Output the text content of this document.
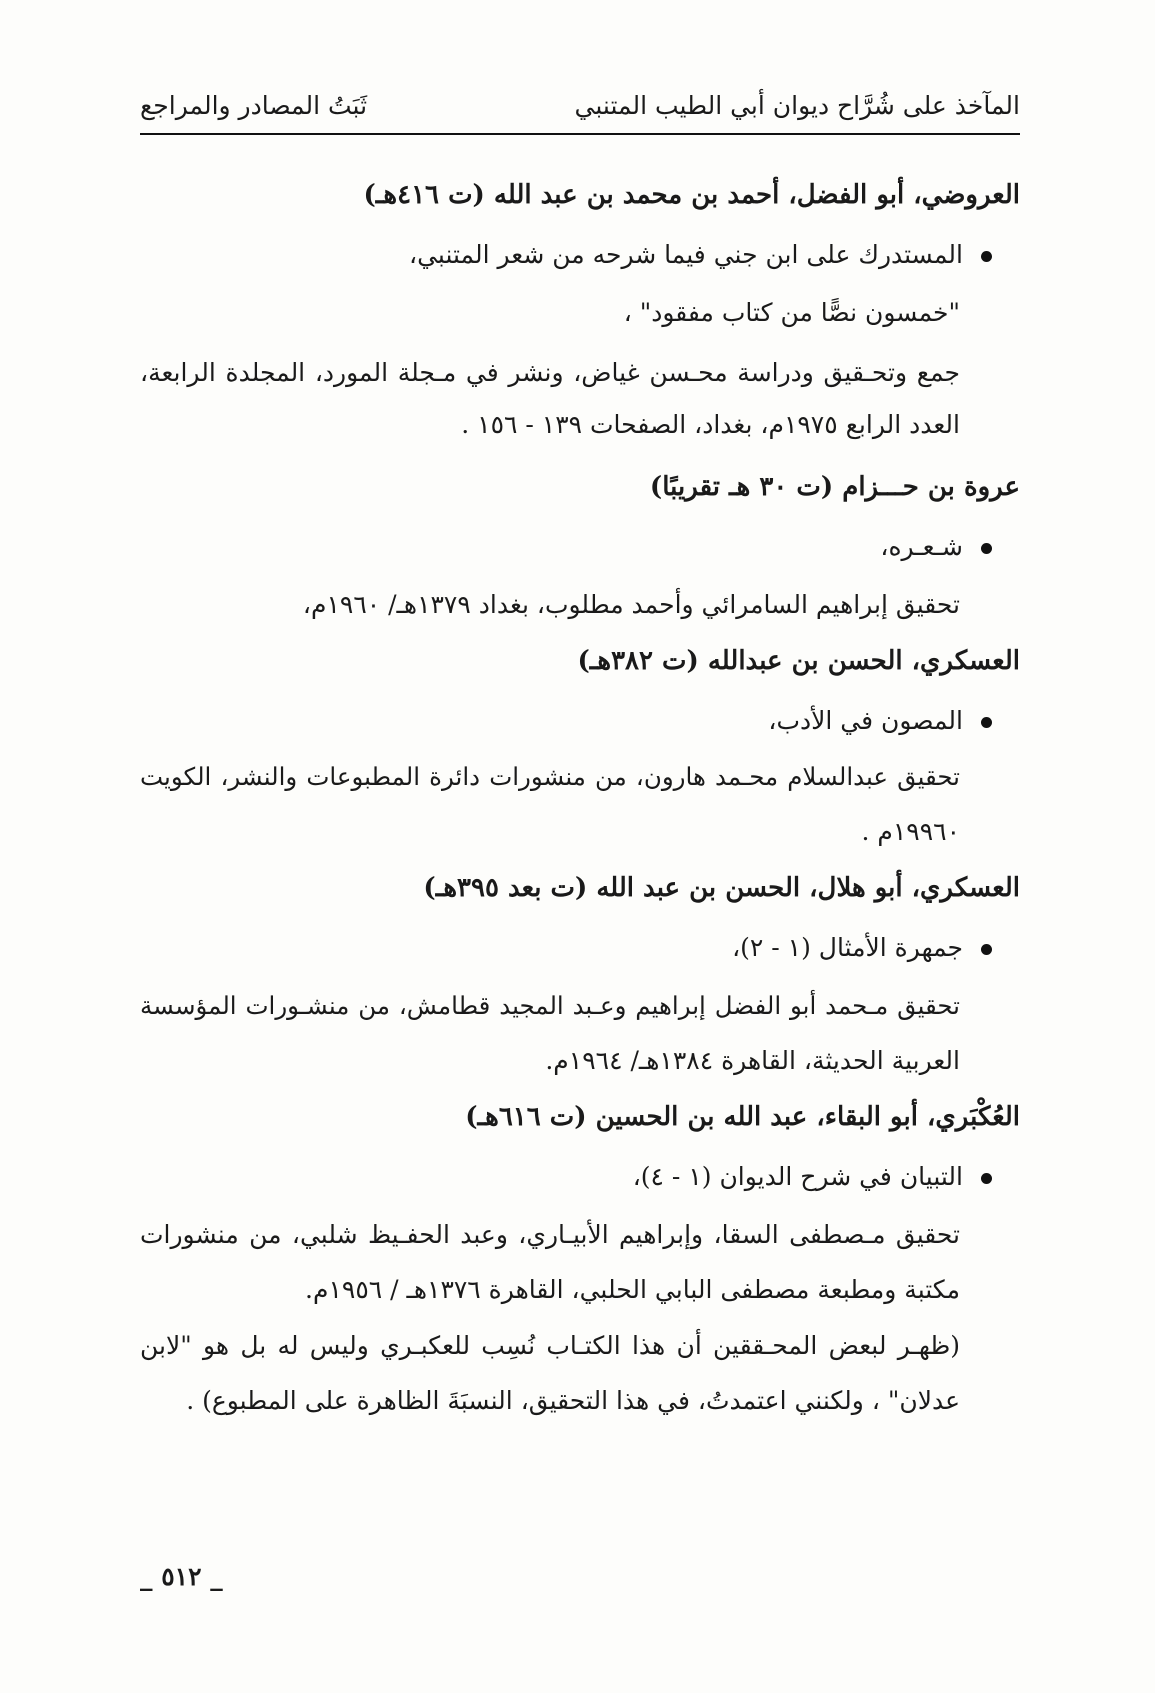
المآخذ على شُرَّاح ديوان أبي الطيب المتنبي
ثَبَتُ المصادر والمراجع
العروضي، أبو الفضل، أحمد بن محمد بن عبد الله (ت ٤١٦هـ)
المستدرك على ابن جني فيما شرحه من شعر المتنبي،
"خمسون نصًّا من كتاب مفقود" ،
جمع وتحـقيق ودراسة محـسن غياض، ونشر في مـجلة المورد، المجلدة الرابعة،
العدد الرابع ١٩٧٥م، بغداد، الصفحات ١٣٩ - ١٥٦ .
عروة بن حـــزام (ت ٣٠ هـ تقريبًا)
شـعـره،
تحقيق إبراهيم السامرائي وأحمد مطلوب، بغداد ١٣٧٩هـ/ ١٩٦٠م،
العسكري، الحسن بن عبدالله (ت ٣٨٢هـ)
المصون في الأدب،
تحقيق عبدالسلام محـمد هارون، من منشورات دائرة المطبوعات والنشر، الكويت
١٩٩٦٠م .
العسكري، أبو هلال، الحسن بن عبد الله (ت بعد ٣٩٥هـ)
جمهرة الأمثال (١ - ٢)،
تحقيق مـحمد أبو الفضل إبراهيم وعـبد المجيد قطامش، من منشـورات المؤسسة
العربية الحديثة، القاهرة ١٣٨٤هـ/ ١٩٦٤م.
العُكْبَري، أبو البقاء، عبد الله بن الحسين (ت ٦١٦هـ)
التبيان في شرح الديوان (١ - ٤)،
تحقيق مـصطفى السقا، وإبراهيم الأبيـاري، وعبد الحفـيظ شلبي، من منشورات
مكتبة ومطبعة مصطفى البابي الحلبي، القاهرة ١٣٧٦هـ / ١٩٥٦م.
(ظهـر لبعض المحـققين أن هذا الكتـاب نُسِب للعكبـري وليس له بل هو "لابن
عدلان" ، ولكنني اعتمدتُ، في هذا التحقيق، النسبَةَ الظاهرة على المطبوع) .
_ ٥١٢ _
